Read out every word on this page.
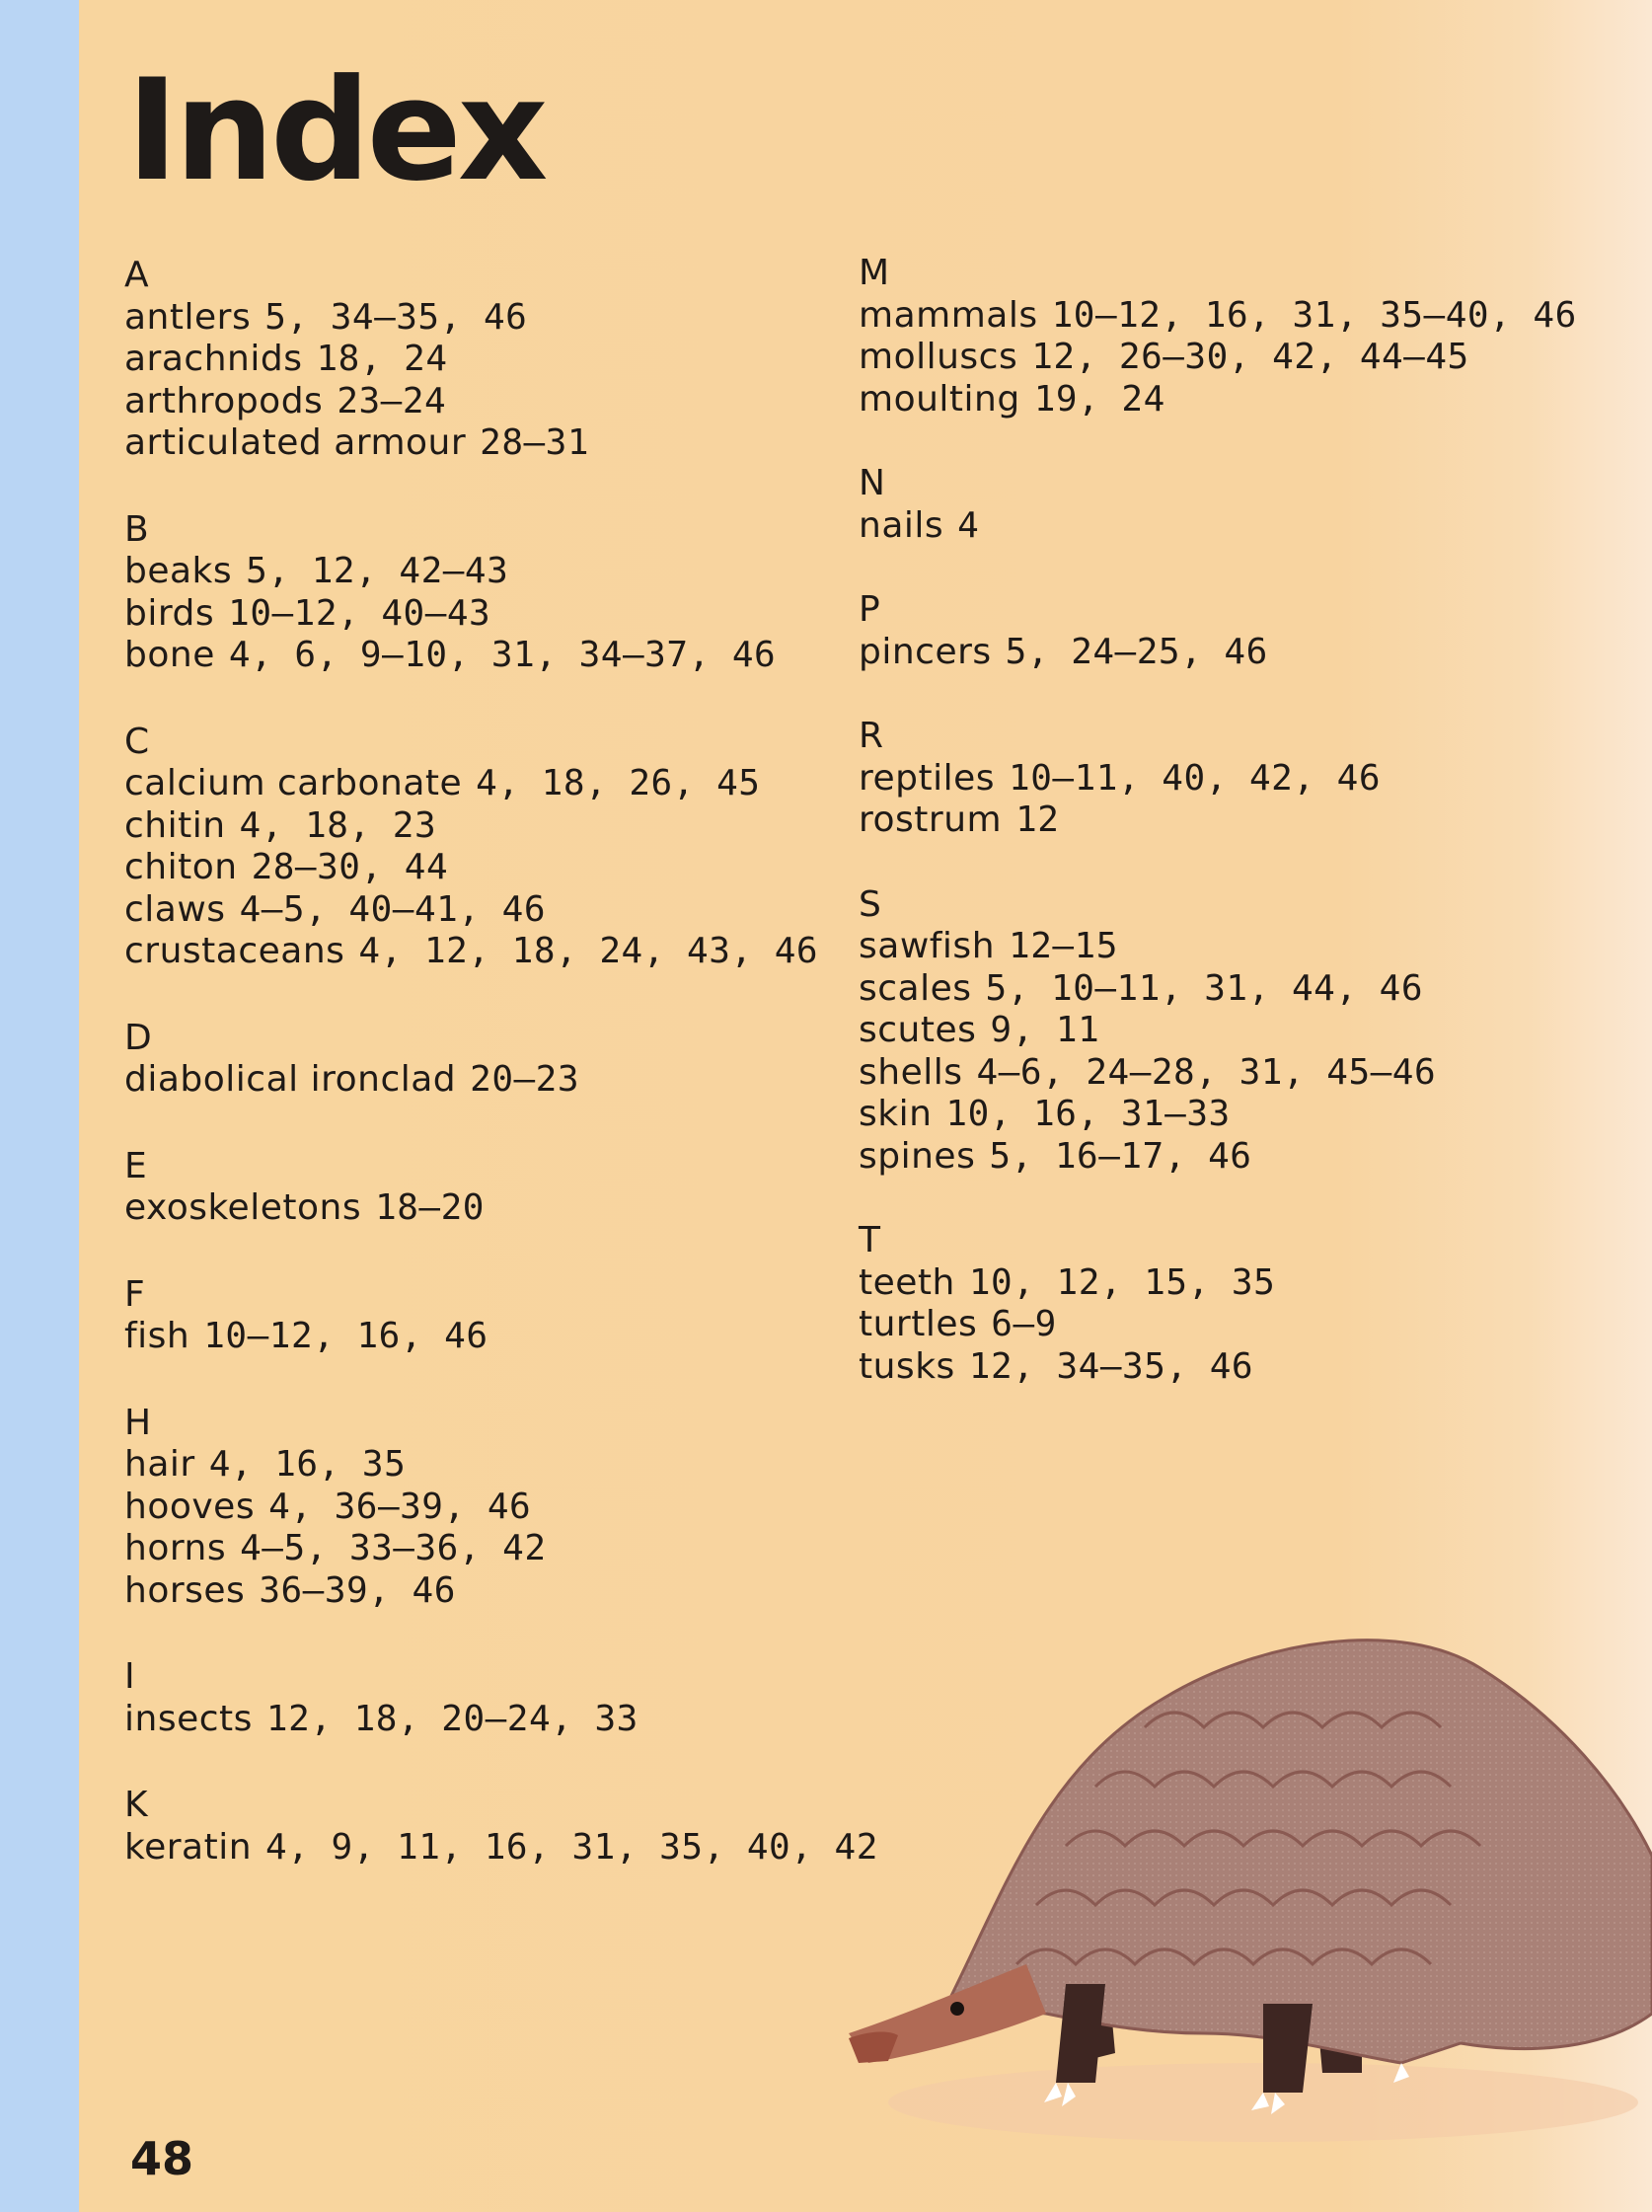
Index
A
antlers 5, 34–35, 46
arachnids 18, 24
arthropods 23–24
articulated armour 28–31
B
beaks 5, 12, 42–43
birds 10–12, 40–43
bone 4, 6, 9–10, 31, 34–37, 46
C
calcium carbonate 4, 18, 26, 45
chitin 4, 18, 23
chiton 28–30, 44
claws 4–5, 40–41, 46
crustaceans 4, 12, 18, 24, 43, 46
D
diabolical ironclad 20–23
E
exoskeletons 18–20
F
fish 10–12, 16, 46
H
hair 4, 16, 35
hooves 4, 36–39, 46
horns 4–5, 33–36, 42
horses 36–39, 46
I
insects 12, 18, 20–24, 33
K
keratin 4, 9, 11, 16, 31, 35, 40, 42
M
mammals 10–12, 16, 31, 35–40, 46
molluscs 12, 26–30, 42, 44–45
moulting 19, 24
N
nails 4
P
pincers 5, 24–25, 46
R
reptiles 10–11, 40, 42, 46
rostrum 12
S
sawfish 12–15
scales 5, 10–11, 31, 44, 46
scutes 9, 11
shells 4–6, 24–28, 31, 45–46
skin 10, 16, 31–33
spines 5, 16–17, 46
T
teeth 10, 12, 15, 35
turtles 6–9
tusks 12, 34–35, 46
48
